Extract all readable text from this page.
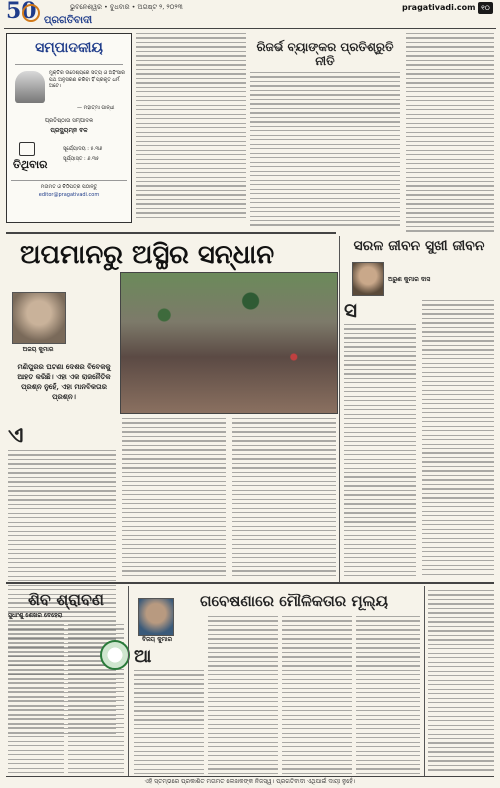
50	ଭୁବନେଶ୍ୱର • ବୁଧବାର • ଅଗଷ୍ଟ ୨, ୨୦୨୩
ପ୍ରଗତିବାଦୀ
pragativadi.com ୧୦
ସମ୍ପାଦକୀୟ
ମୁକ୍ତିର ଉଦ୍ଦେଶ୍ୟରେ ସତ୍ୟ ଓ ଅହିଂସାର ପଥ ଅନୁସରଣ କରିବା ହିଁ ପ୍ରକୃତ ଧର୍ମ ଅଟେ।
— ମହାତ୍ମା ଗାନ୍ଧୀ
ପ୍ରତିଷ୍ଠାତା ସମ୍ପାଦକ
ପ୍ରଦ୍ୟୁମ୍ନ ବଳ
ତିଥିବାର
ସୂର୍ଯ୍ୟୋଦୟ : ୫.୩୬
ସୂର୍ଯ୍ୟାସ୍ତ : ୬.୩୫
ମତାମତ ଓ ଚିଠିପତ୍ର ପଠାନ୍ତୁ
editor@pragativadi.com
ରିଜର୍ଭ ବ୍ୟାଙ୍କର ପ୍ରତିଶ୍ରୁତି ନୀତି
ଅପମାନରୁ ଅସ୍ଥିର ସନ୍ଧାନ
ଅଜୟ କୁମାର
ମଣିପୁରର ଘଟଣା ଦେଶର ବିବେକକୁ ଆହତ କରିଛି। ଏହା ଏକ ରାଜନୈତିକ ପ୍ରଶ୍ନ ନୁହେଁ, ଏହା ମାନବିକତାର ପ୍ରଶ୍ନ।
ଏ
ସରଳ ଜୀବନ ସୁଖୀ ଜୀବନ
ଅରୁଣ କୁମାର ଦାସ
ସ
ଶିବ ଶ୍ରାବଣ
ସୁଧାଂଶୁ ଶେଖର ବେହେରା
ଗବେଷଣାରେ ମୌଳିକତାର ମୂଲ୍ୟ
ବିଜୟ କୁମାର
ଆ
ଏହି ସ୍ତମ୍ଭରେ ପ୍ରକାଶିତ ମତାମତ ଲେଖକଙ୍କ ନିଜସ୍ୱ। ପ୍ରଗତିବାଦୀ ଏଥିପାଇଁ ଦାୟୀ ନୁହେଁ।
